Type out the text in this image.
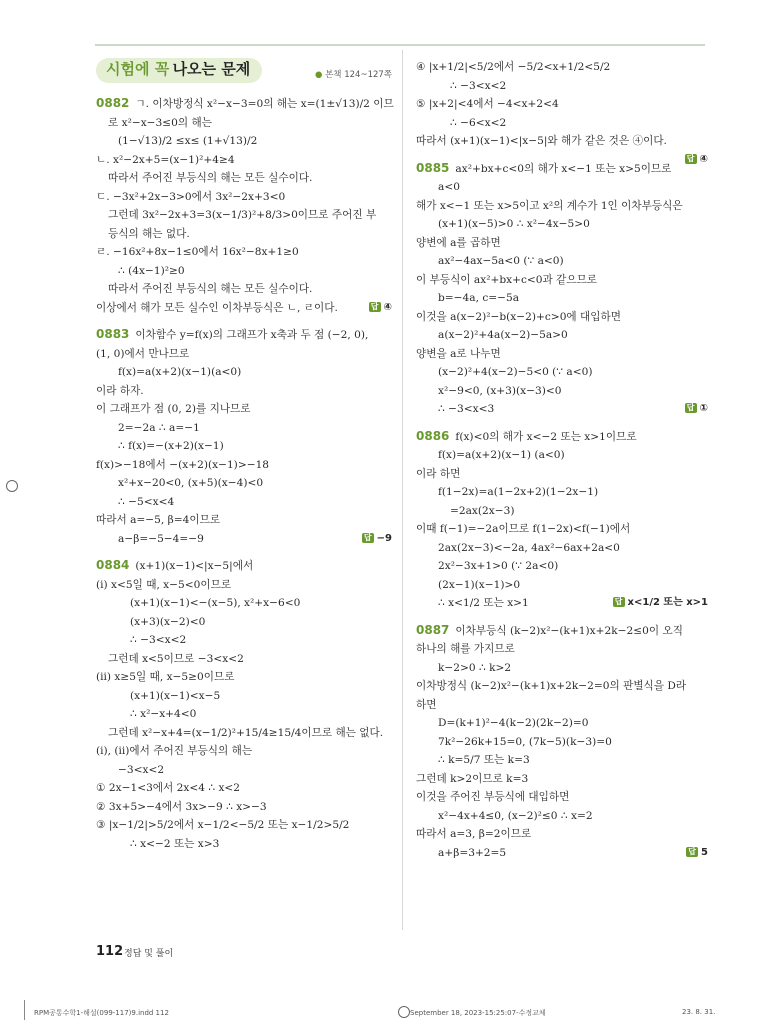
시험에 꼭 나오는 문제	● 본책 124~127쪽
0882 ㄱ. 이차방정식 x²−x−3=0의 해는 x=(1±√13)/2 이므
로 x²−x−3≤0의 해는
(1−√13)/2 ≤x≤ (1+√13)/2
ㄴ. x²−2x+5=(x−1)²+4≥4
따라서 주어진 부등식의 해는 모든 실수이다.
ㄷ. −3x²+2x−3>0에서 3x²−2x+3<0
그런데 3x²−2x+3=3(x−1/3)²+8/3>0이므로 주어진 부
등식의 해는 없다.
ㄹ. −16x²+8x−1≤0에서 16x²−8x+1≥0
∴ (4x−1)²≥0
따라서 주어진 부등식의 해는 모든 실수이다.
이상에서 해가 모든 실수인 이차부등식은 ㄴ, ㄹ이다.	답 ④
0883 이차함수 y=f(x)의 그래프가 x축과 두 점 (−2, 0),
(1, 0)에서 만나므로
f(x)=a(x+2)(x−1)(a<0)
이라 하자.
이 그래프가 점 (0, 2)를 지나므로
2=−2a ∴ a=−1
∴ f(x)=−(x+2)(x−1)
f(x)>−18에서 −(x+2)(x−1)>−18
x²+x−20<0, (x+5)(x−4)<0
∴ −5<x<4
따라서 a=−5, β=4이므로
a−β=−5−4=−9	답 −9
0884 (x+1)(x−1)<|x−5|에서
(ⅰ) x<5일 때, x−5<0이므로
(x+1)(x−1)<−(x−5), x²+x−6<0
(x+3)(x−2)<0
∴ −3<x<2
그런데 x<5이므로 −3<x<2
(ⅱ) x≥5일 때, x−5≥0이므로
(x+1)(x−1)<x−5
∴ x²−x+4<0
그런데 x²−x+4=(x−1/2)²+15/4≥15/4이므로 해는 없다.
(ⅰ), (ⅱ)에서 주어진 부등식의 해는
−3<x<2
① 2x−1<3에서 2x<4 ∴ x<2
② 3x+5>−4에서 3x>−9 ∴ x>−3
③ |x−1/2|>5/2에서 x−1/2<−5/2 또는 x−1/2>5/2
∴ x<−2 또는 x>3
④ |x+1/2|<5/2에서 −5/2<x+1/2<5/2
∴ −3<x<2
⑤ |x+2|<4에서 −4<x+2<4
∴ −6<x<2
따라서 (x+1)(x−1)<|x−5|와 해가 같은 것은 ④이다.
답 ④
0885 ax²+bx+c<0의 해가 x<−1 또는 x>5이므로
a<0
해가 x<−1 또는 x>5이고 x²의 계수가 1인 이차부등식은
(x+1)(x−5)>0 ∴ x²−4x−5>0
양변에 a를 곱하면
ax²−4ax−5a<0 (∵ a<0)
이 부등식이 ax²+bx+c<0과 같으므로
b=−4a, c=−5a
이것을 a(x−2)²−b(x−2)+c>0에 대입하면
a(x−2)²+4a(x−2)−5a>0
양변을 a로 나누면
(x−2)²+4(x−2)−5<0 (∵ a<0)
x²−9<0, (x+3)(x−3)<0
∴ −3<x<3	답 ①
0886 f(x)<0의 해가 x<−2 또는 x>1이므로
f(x)=a(x+2)(x−1) (a<0)
이라 하면
f(1−2x)=a(1−2x+2)(1−2x−1)
=2ax(2x−3)
이때 f(−1)=−2a이므로 f(1−2x)<f(−1)에서
2ax(2x−3)<−2a, 4ax²−6ax+2a<0
2x²−3x+1>0 (∵ 2a<0)
(2x−1)(x−1)>0
∴ x<1/2 또는 x>1	답 x<1/2 또는 x>1
0887 이차부등식 (k−2)x²−(k+1)x+2k−2≤0이 오직
하나의 해를 가지므로
k−2>0 ∴ k>2
이차방정식 (k−2)x²−(k+1)x+2k−2=0의 판별식을 D라
하면
D=(k+1)²−4(k−2)(2k−2)=0
7k²−26k+15=0, (7k−5)(k−3)=0
∴ k=5/7 또는 k=3
그런데 k>2이므로 k=3
이것을 주어진 부등식에 대입하면
x²−4x+4≤0, (x−2)²≤0 ∴ x=2
따라서 a=3, β=2이므로
a+β=3+2=5	답 5
112 정답 및 풀이
RPM공통수학1-해설(099-117)9.indd 112	September 18, 2023-15:25:07-수정교체	23. 8. 31.
